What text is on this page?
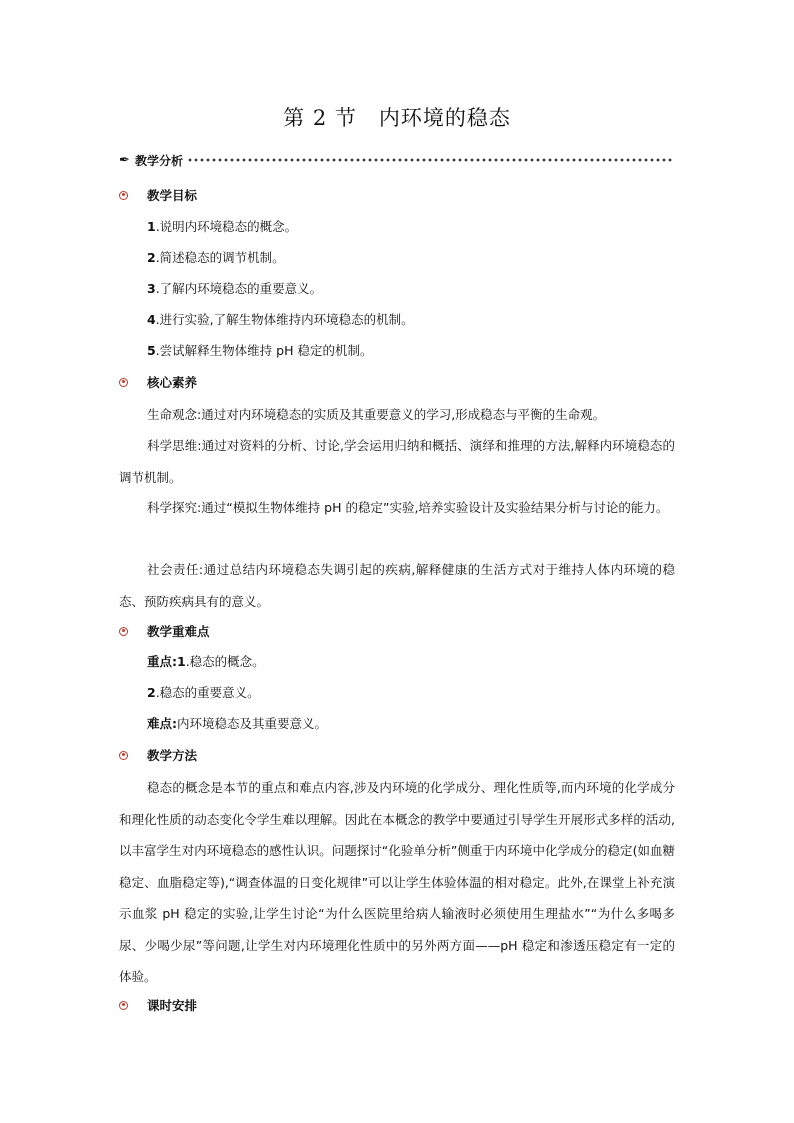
第 2 节　内环境的稳态
✒ 教学分析
教学目标
1.说明内环境稳态的概念。
2.简述稳态的调节机制。
3.了解内环境稳态的重要意义。
4.进行实验,了解生物体维持内环境稳态的机制。
5.尝试解释生物体维持 pH 稳定的机制。
核心素养
生命观念:通过对内环境稳态的实质及其重要意义的学习,形成稳态与平衡的生命观。
科学思维:通过对资料的分析、讨论,学会运用归纳和概括、演绎和推理的方法,解释内环境稳态的调节机制。
科学探究:通过“模拟生物体维持 pH 的稳定”实验,培养实验设计及实验结果分析与讨论的能力。
社会责任:通过总结内环境稳态失调引起的疾病,解释健康的生活方式对于维持人体内环境的稳态、预防疾病具有的意义。
教学重难点
重点:1.稳态的概念。
2.稳态的重要意义。
难点:内环境稳态及其重要意义。
教学方法
稳态的概念是本节的重点和难点内容,涉及内环境的化学成分、理化性质等,而内环境的化学成分和理化性质的动态变化令学生难以理解。因此在本概念的教学中要通过引导学生开展形式多样的活动,以丰富学生对内环境稳态的感性认识。问题探讨“化验单分析”侧重于内环境中化学成分的稳定(如血糖稳定、血脂稳定等),“调查体温的日变化规律”可以让学生体验体温的相对稳定。此外,在课堂上补充演示血浆 pH 稳定的实验,让学生讨论“为什么医院里给病人输液时必须使用生理盐水”“为什么多喝多尿、少喝少尿”等问题,让学生对内环境理化性质中的另外两方面——pH 稳定和渗透压稳定有一定的体验。
课时安排
